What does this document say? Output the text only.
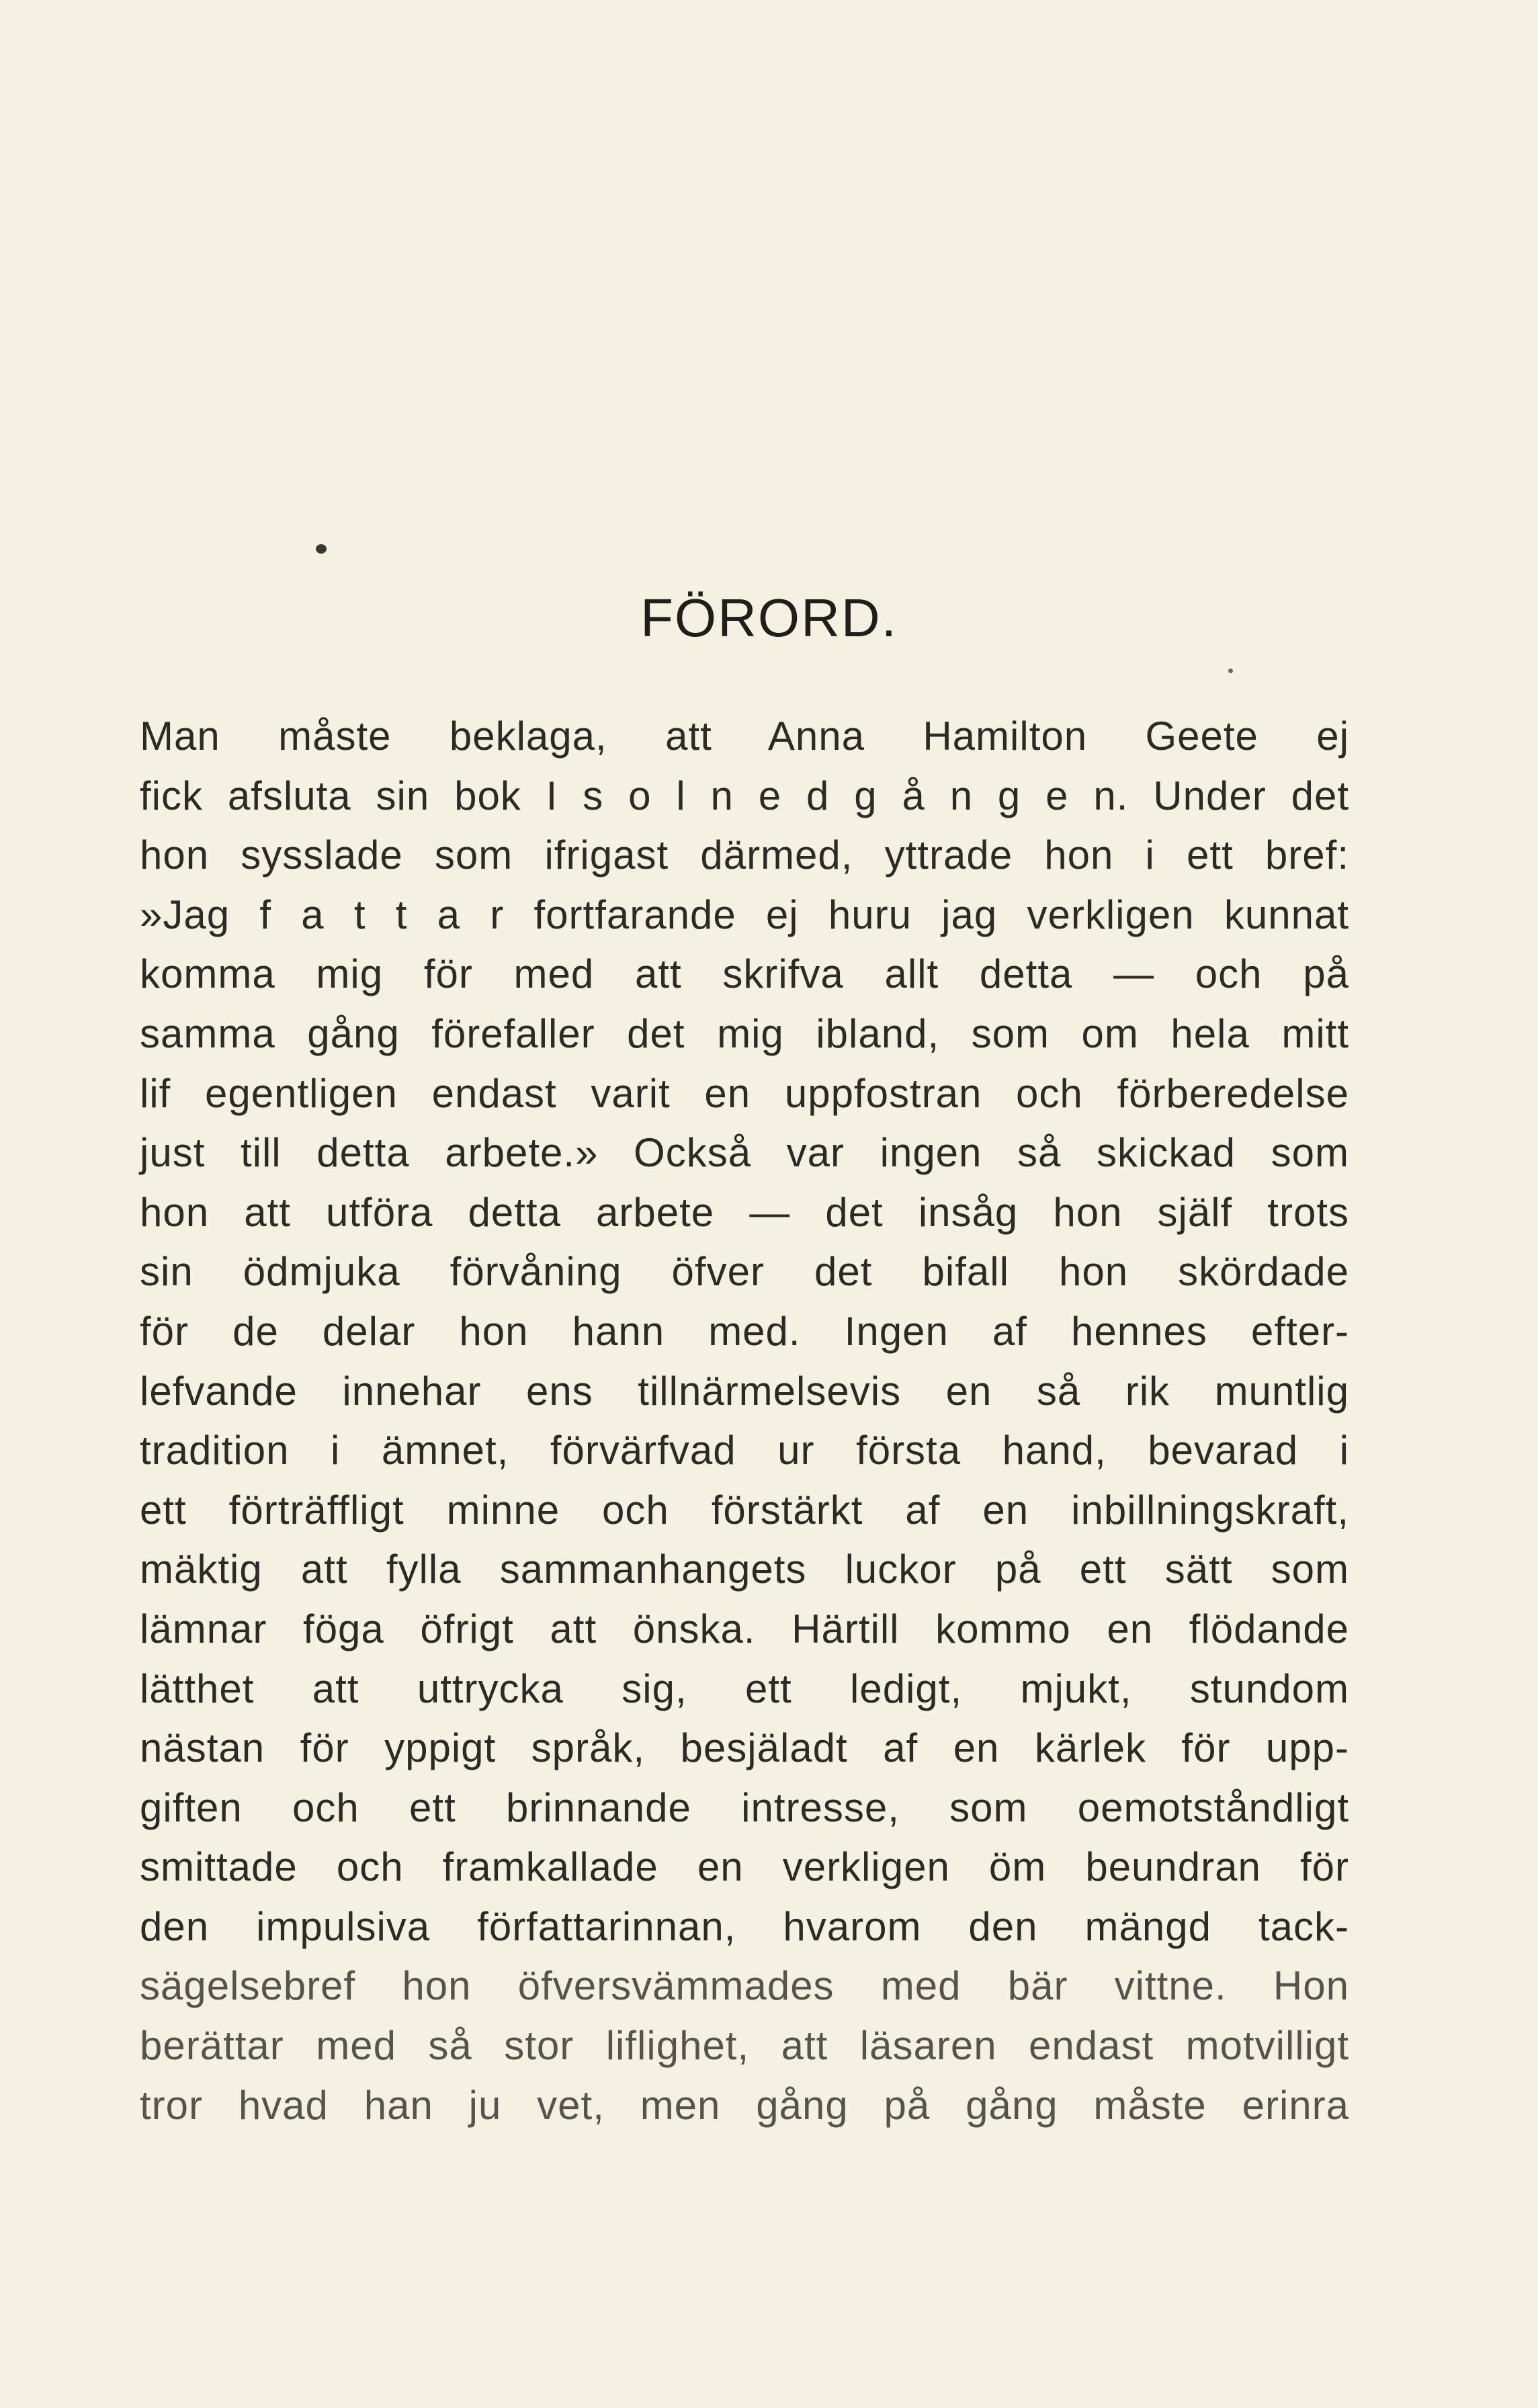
FÖRORD.
Man måste beklaga, att Anna Hamilton Geete ej
fick afsluta sin bok I s o l n e d g å n g e n. Under det
hon sysslade som ifrigast därmed, yttrade hon i ett bref:
»Jag f a t t a r fortfarande ej huru jag verkligen kunnat
komma mig för med att skrifva allt detta — och på
samma gång förefaller det mig ibland, som om hela mitt
lif egentligen endast varit en uppfostran och förberedelse
just till detta arbete.» Också var ingen så skickad som
hon att utföra detta arbete — det insåg hon själf trots
sin ödmjuka förvåning öfver det bifall hon skördade
för de delar hon hann med. Ingen af hennes efter-
lefvande innehar ens tillnärmelsevis en så rik muntlig
tradition i ämnet, förvärfvad ur första hand, bevarad i
ett förträffligt minne och förstärkt af en inbillningskraft,
mäktig att fylla sammanhangets luckor på ett sätt som
lämnar föga öfrigt att önska. Härtill kommo en flödande
lätthet att uttrycka sig, ett ledigt, mjukt, stundom
nästan för yppigt språk, besjäladt af en kärlek för upp-
giften och ett brinnande intresse, som oemotståndligt
smittade och framkallade en verkligen öm beundran för
den impulsiva författarinnan, hvarom den mängd tack-
sägelsebref hon öfversvämmades med bär vittne. Hon
berättar med så stor liflighet, att läsaren endast motvilligt
tror hvad han ju vet, men gång på gång måste erinra
